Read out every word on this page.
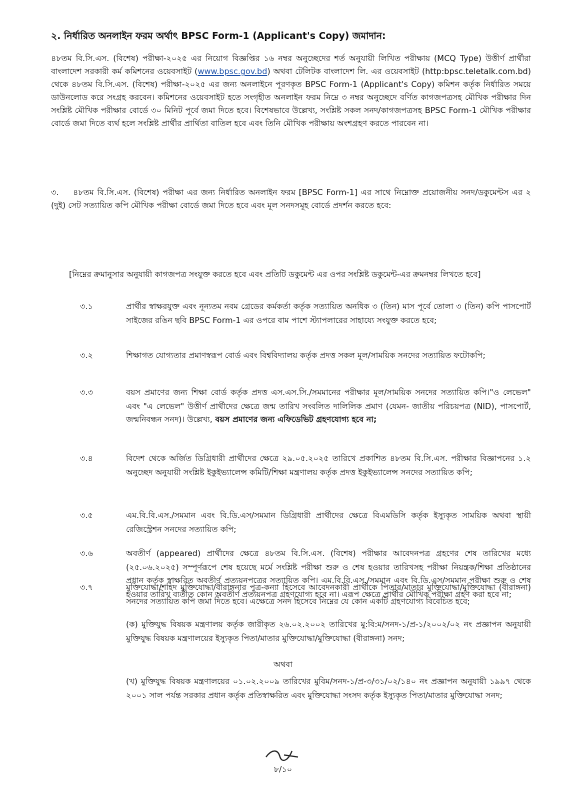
২. নির্ধারিত অনলাইন ফরম অর্থাৎ BPSC Form-1 (Applicant's Copy) জমাদান:
৪৮তম বি.সি.এস. (বিশেষ) পরীক্ষা-২০২৫ এর নিয়োগ বিজ্ঞপ্তির ১৬ নম্বর অনুচ্ছেদের শর্ত অনুযায়ী লিখিত পরীক্ষায় (MCQ Type) উত্তীর্ণ প্রার্থীরা বাংলাদেশ সরকারী কর্ম কমিশনের ওয়েবসাইট (www.bpsc.gov.bd) অথবা টেলিটক বাংলাদেশ লি. এর ওয়েবসাইট (http:bpsc.teletalk.com.bd) থেকে ৪৮তম বি.সি.এস. (বিশেষ) পরীক্ষা-২০২৫ এর জন্য অনলাইনে পূরণকৃত BPSC Form-1 (Applicant's Copy) কমিশন কর্তৃক নির্ধারিত সময়ে ডাউনলোড করে সংগ্রহ করবেন। কমিশনের ওয়েবসাইট হতে সংগৃহীত অনলাইন ফরম নিম্নে ৩ নম্বর অনুচ্ছেদে বর্ণিত কাগজপত্রসহ মৌখিক পরীক্ষার দিন সংশ্লিষ্ট মৌখিক পরীক্ষার বোর্ডে ৩০ মিনিট পূর্বে জমা দিতে হবে। বিশেষভাবে উল্লেখ্য, সংশ্লিষ্ট সকল সনদ/কাগজপত্রসহ BPSC Form-1 মৌখিক পরীক্ষার বোর্ডে জমা দিতে ব্যর্থ হলে সংশ্লিষ্ট প্রার্থীর প্রার্থিতা বাতিল হবে এবং তিনি মৌখিক পরীক্ষায় অংশগ্রহণ করতে পারবেন না।
৩. ৪৮তম বি.সি.এস. (বিশেষ) পরীক্ষা এর জন্য নির্ধারিত অনলাইন ফরম [BPSC Form-1] এর সাথে নিম্নোক্ত প্রয়োজনীয় সনদ/ডকুমেন্টস এর ২ (দুই) সেট সত্যায়িত কপি মৌখিক পরীক্ষা বোর্ডে জমা দিতে হবে এবং মূল সনদসমূহ বোর্ডে প্রদর্শন করতে হবে:
[নিম্নের ক্রমানুসার অনুযায়ী কাগজপত্র সংযুক্ত করতে হবে এবং প্রতিটি ডকুমেন্ট এর ওপর সংশ্লিষ্ট ডকুমেন্ট-এর ক্রমনম্বর লিখতে হবে]
৩.১	প্রার্থীর স্বাক্ষরযুক্ত এবং নূন্যতম নবম গ্রেডের কর্মকর্তা কর্তৃক সত্যায়িত অনধিক ৩ (তিন) মাস পূর্বে তোলা ৩ (তিন) কপি পাসপোর্ট সাইজের রঙিন ছবি BPSC Form-1 এর ওপরে বাম পাশে স্ট্যাপলারের সাহায্যে সংযুক্ত করতে হবে;
৩.২	শিক্ষাগত যোগ্যতার প্রমাণস্বরূপ বোর্ড এবং বিশ্ববিদ্যালয় কর্তৃক প্রদত্ত সকল মূল/সাময়িক সনদের সত্যায়িত ফটোকপি;
৩.৩	বয়স প্রমাণের জন্য শিক্ষা বোর্ড কর্তৃক প্রদত্ত এস.এস.সি./সমমানের পরীক্ষার মূল/সাময়িক সনদের সত্যায়িত কপি।"ও লেভেল" এবং "এ লেভেল" উত্তীর্ণ প্রার্থীদের ক্ষেত্রে জন্ম তারিখ সংবলিত দালিলিক প্রমাণ (যেমন- জাতীয় পরিচয়পত্র (NID), পাসপোর্ট, জন্মনিবন্ধন সনদ)। উল্লেখ্য, বয়স প্রমাণের জন্য এফিডেভিট গ্রহণযোগ্য হবে না;
৩.৪	বিদেশ থেকে অর্জিত ডিগ্রিধারী প্রার্থীদের ক্ষেত্রে ২৯.০৫.২০২৫ তারিখে প্রকাশিত ৪৮তম বি.সি.এস. পরীক্ষার বিজ্ঞাপনের ১.২ অনুচ্ছেদ অনুযায়ী সংশ্লিষ্ট ইকুইভ্যালেন্স কমিটি/শিক্ষা মন্ত্রণালয় কর্তৃক প্রদত্ত ইকুইভ্যালেন্স সনদের সত্যায়িত কপি;
৩.৫	এম.বি.বি.এস./সমমান এবং বি.ডি.এস/সমমান ডিগ্রিধারী প্রার্থীদের ক্ষেত্রে বিএমডিসি কর্তৃক ইস্যুকৃত সাময়িক অথবা স্থায়ী রেজিস্ট্রেশন সনদের সত্যায়িত কপি;
৩.৬	অবতীর্ণ (appeared) প্রার্থীদের ক্ষেত্রে ৪৮তম বি.সি.এস. (বিশেষ) পরীক্ষার আবেদনপত্র গ্রহণের শেষ তারিখের মধ্যে (২৫.০৬.২০২৫) সম্পূর্ণরূপে শেষ হয়েছে মর্মে সংশ্লিষ্ট পরীক্ষা শুরু ও শেষ হওয়ার তারিখসহ পরীক্ষা নিয়ন্ত্রক/শিক্ষা প্রতিষ্ঠানের প্রধান কর্তৃক স্বাক্ষরিত অবতীর্ণ প্রত্যয়নপত্রের সত্যায়িত কপি। এম.বি.বি.এস./সমমান এবং বি.ডি.এস/সমমান পরীক্ষা শুরু ও শেষ হওয়ার তারিখ ব্যতীত কোন অবতীর্ণ প্রত্যয়নপত্র গ্রহণযোগ্য হবে না। এরূপ ক্ষেত্রে প্রার্থীর মৌখিক পরীক্ষা গ্রহণ করা হবে না;
৩.৭	মুক্তিযোদ্ধা/শহিদ মুক্তিযোদ্ধা/বীরাঙ্গনার পুত্র-কন্যা হিসেবে আবেদনকারী প্রার্থীকে পিতার/মাতার মুক্তিযোদ্ধা/মুক্তিযোদ্ধা (বীরাঙ্গনা) সনদের সত্যায়িত কপি জমা দিতে হবে। এক্ষেত্রে সনদ হিসেবে নিম্নের যে কোন একটি গ্রহণযোগ্য বিবেচিত হবে;
(ক) মুক্তিযুদ্ধ বিষয়ক মন্ত্রণালয় কর্তৃক জারীকৃত ২৬.০২.২০০২ তারিখের মু:বি:ম/সনদ-১/প্র-১/২০০২/০২ নং প্রজ্ঞাপন অনুযায়ী মুক্তিযুদ্ধ বিষয়ক মন্ত্রণালয়ের ইস্যুকৃত পিতা/মাতার মুক্তিযোদ্ধা/মুক্তিযোদ্ধা (বীরাঙ্গনা) সনদ;
অথবা
(খ) মুক্তিযুদ্ধ বিষয়ক মন্ত্রণালয়ের ০১.০২.২০০৯ তারিখের মুবিম/সনদ-১/প্র-৩/৩১/০২/১৪০ নং প্রজ্ঞাপন অনুযায়ী ১৯৯৭ থেকে ২০০১ সাল পর্যন্ত সরকার প্রধান কর্তৃক প্রতিস্বাক্ষরিত এবং মুক্তিযোদ্ধা সংসদ কর্তৃক ইস্যুকৃত পিতা/মাতার মুক্তিযোদ্ধা সনদ;
৮/১০
